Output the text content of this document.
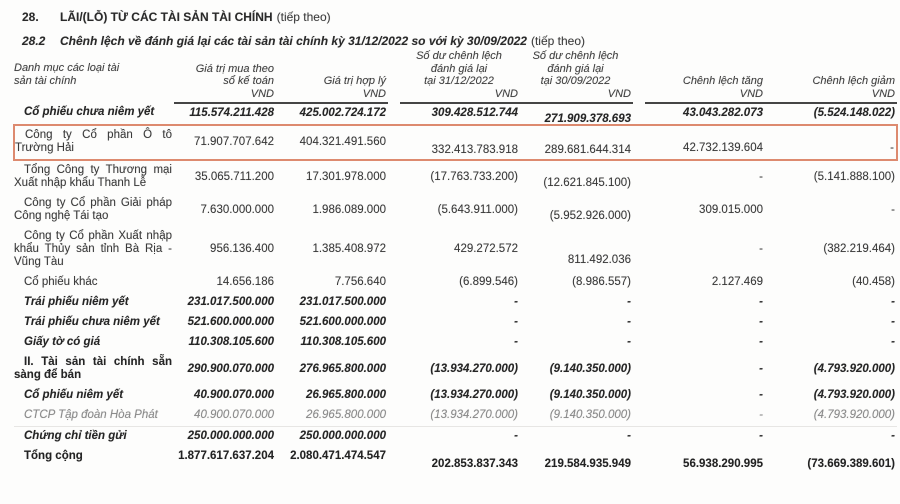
28.	LÃI/(LỖ) TỪ CÁC TÀI SẢN TÀI CHÍNH (tiếp theo)
28.2	Chênh lệch về đánh giá lại các tài sản tài chính kỳ 31/12/2022 so với kỳ 30/09/2022 (tiếp theo)
Danh mục các loại tài
sản tài chính

Giá trị mua theo
sổ kế toán
VND

Giá trị hợp lý
VND

Số dư chênh lệch
đánh giá lại
tại 31/12/2022
VND

Số dư chênh lệch
đánh giá lại
tại 30/09/2022
VND

Chênh lệch tăng
VND

Chênh lệch giảm
VND

Cổ phiếu chưa niêm yết	115.574.211.428	425.002.724.172		309.428.512.744	271.909.378.693		43.043.282.073	(5.524.148.022)
Công ty Cổ phần Ô tô Trường Hải	71.907.707.642	404.321.491.560		332.413.783.918	289.681.644.314		42.732.139.604	-
Tổng Công ty Thương mại Xuất nhập khẩu Thanh Lễ	35.065.711.200	17.301.978.000		(17.763.733.200)	(12.621.845.100)		-	(5.141.888.100)
Công ty Cổ phần Giải pháp Công nghệ Tái tạo	7.630.000.000	1.986.089.000		(5.643.911.000)	(5.952.926.000)		309.015.000	-
Công ty Cổ phần Xuất nhập khẩu Thủy sản tỉnh Bà Rịa - Vũng Tàu	956.136.400	1.385.408.972		429.272.572	811.492.036		-	(382.219.464)
Cổ phiếu khác	14.656.186	7.756.640		(6.899.546)	(8.986.557)		2.127.469	(40.458)
Trái phiếu niêm yết	231.017.500.000	231.017.500.000		-	-		-	-
Trái phiếu chưa niêm yết	521.600.000.000	521.600.000.000		-	-		-	-
Giấy tờ có giá	110.308.105.600	110.308.105.600		-	-		-	-
II. Tài sản tài chính sẵn sàng để bán	290.900.070.000	276.965.800.000		(13.934.270.000)	(9.140.350.000)		-	(4.793.920.000)
Cổ phiếu niêm yết	40.900.070.000	26.965.800.000		(13.934.270.000)	(9.140.350.000)		-	(4.793.920.000)
CTCP Tập đoàn Hòa Phát	40.900.070.000	26.965.800.000		(13.934.270.000)	(9.140.350.000)		-	(4.793.920.000)
Chứng chỉ tiền gửi	250.000.000.000	250.000.000.000		-	-		-	-
Tổng cộng	1.877.617.637.204	2.080.471.474.547		202.853.837.343	219.584.935.949		56.938.290.995	(73.669.389.601)
